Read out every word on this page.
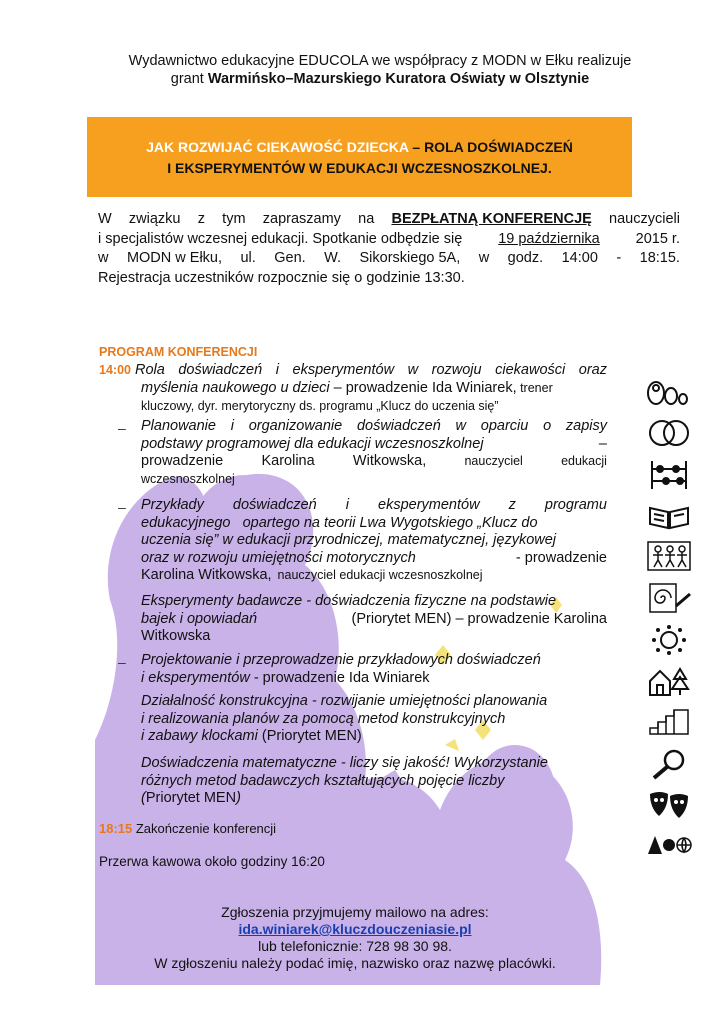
Wydawnictwo edukacyjne EDUCOLA we współpracy z MODN w Ełku realizuje
grant Warmińsko–Mazurskiego Kuratora Oświaty w Olsztynie
JAK ROZWIJAĆ CIEKAWOŚĆ DZIECKA – ROLA DOŚWIADCZEŃ
I EKSPERYMENTÓW W EDUKACJI WCZESNOSZKOLNEJ.
W związku z tym zapraszamy na BEZPŁATNĄ KONFERENCJĘ nauczycieli
i specjalistów wczesnej edukacji. Spotkanie odbędzie się 19 października 2015 r.
w MODN w Ełku, ul. Gen. W. Sikorskiego 5A, w godz. 14:00 - 18:15.
Rejestracja uczestników rozpocznie się o godzinie 13:30.
PROGRAM KONFERENCJI
14:00 Rola doświadczeń i eksperymentów w rozwoju ciekawości oraz
myślenia naukowego u dzieci – prowadzenie Ida Winiarek, trener
kluczowy, dyr. merytoryczny ds. programu „Klucz do uczenia się”
– Planowanie i organizowanie doświadczeń w oparciu o zapisy
podstawy programowej dla edukacji wczesnoszkolnej	–
prowadzenie	Karolina	Witkowska,	nauczyciel	edukacji
wczesnoszkolnej
– Przykłady doświadczeń i eksperymentów z programu
edukacyjnego   opartego na teorii Lwa Wygotskiego „Klucz do
uczenia się” w edukacji przyrodniczej, matematycznej, językowej
oraz w rozwoju umiejętności motorycznych	- prowadzenie
Karolina Witkowska, nauczyciel edukacji wczesnoszkolnej
Eksperymenty badawcze - doświadczenia fizyczne na podstawie
bajek i opowiadań	(Priorytet MEN) – prowadzenie Karolina
Witkowska
– Projektowanie i przeprowadzenie przykładowych doświadczeń
i eksperymentów - prowadzenie Ida Winiarek
Działalność konstrukcyjna - rozwijanie umiejętności planowania
i realizowania planów za pomocą metod konstrukcyjnych
i zabawy klockami (Priorytet MEN)
Doświadczenia matematyczne - liczy się jakość! Wykorzystanie
różnych metod badawczych kształtujących pojęcie liczby
(Priorytet MEN)
18:15 Zakończenie konferencji
Przerwa kawowa około godziny 16:20
Zgłoszenia przyjmujemy mailowo na adres:
ida.winiarek@kluczdouczeniasie.pl
lub telefonicznie: 728 98 30 98.
W zgłoszeniu należy podać imię, nazwisko oraz nazwę placówki.
